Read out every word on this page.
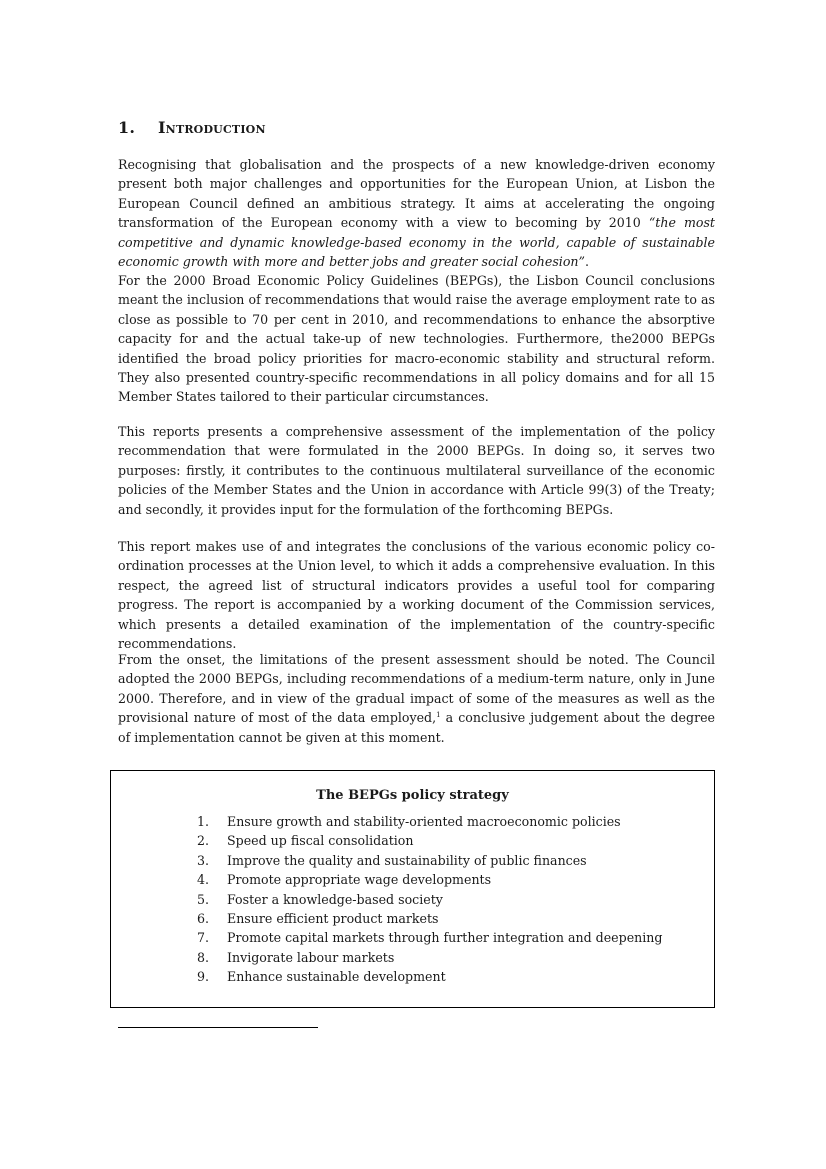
1. Introduction

Recognising that globalisation and the prospects of a new knowledge-driven economy present both major challenges and opportunities for the European Union, at Lisbon the European Council defined an ambitious strategy. It aims at accelerating the ongoing transformation of the European economy with a view to becoming by 2010 “the most competitive and dynamic knowledge-based economy in the world, capable of sustainable economic growth with more and better jobs and greater social cohesion”.

For the 2000 Broad Economic Policy Guidelines (BEPGs), the Lisbon Council conclusions meant the inclusion of recommendations that would raise the average employment rate to as close as possible to 70 per cent in 2010, and recommendations to enhance the absorptive capacity for and the actual take-up of new technologies. Furthermore, the2000 BEPGs identified the broad policy priorities for macro-economic stability and structural reform. They also presented country-specific recommendations in all policy domains and for all 15 Member States tailored to their particular circumstances.

This reports presents a comprehensive assessment of the implementation of the policy recommendation that were formulated in the 2000 BEPGs. In doing so, it serves two purposes: firstly, it contributes to the continuous multilateral surveillance of the economic policies of the Member States and the Union in accordance with Article 99(3) of the Treaty; and secondly, it provides input for the formulation of the forthcoming BEPGs.

This report makes use of and integrates the conclusions of the various economic policy co-ordination processes at the Union level, to which it adds a comprehensive evaluation. In this respect, the agreed list of structural indicators provides a useful tool for comparing progress. The report is accompanied by a working document of the Commission services, which presents a detailed examination of the implementation of the country-specific recommendations.

From the onset, the limitations of the present assessment should be noted. The Council adopted the 2000 BEPGs, including recommendations of a medium-term nature, only in June 2000. Therefore, and in view of the gradual impact of some of the measures as well as the provisional nature of most of the data employed,$^1$ a conclusive judgement about the degree of implementation cannot be given at this moment.

The BEPGs policy strategy
1. Ensure growth and stability-oriented macroeconomic policies
2. Speed up fiscal consolidation
3. Improve the quality and sustainability of public finances
4. Promote appropriate wage developments
5. Foster a knowledge-based society
6. Ensure efficient product markets
7. Promote capital markets through further integration and deepening
8. Invigorate labour markets
9. Enhance sustainable development
